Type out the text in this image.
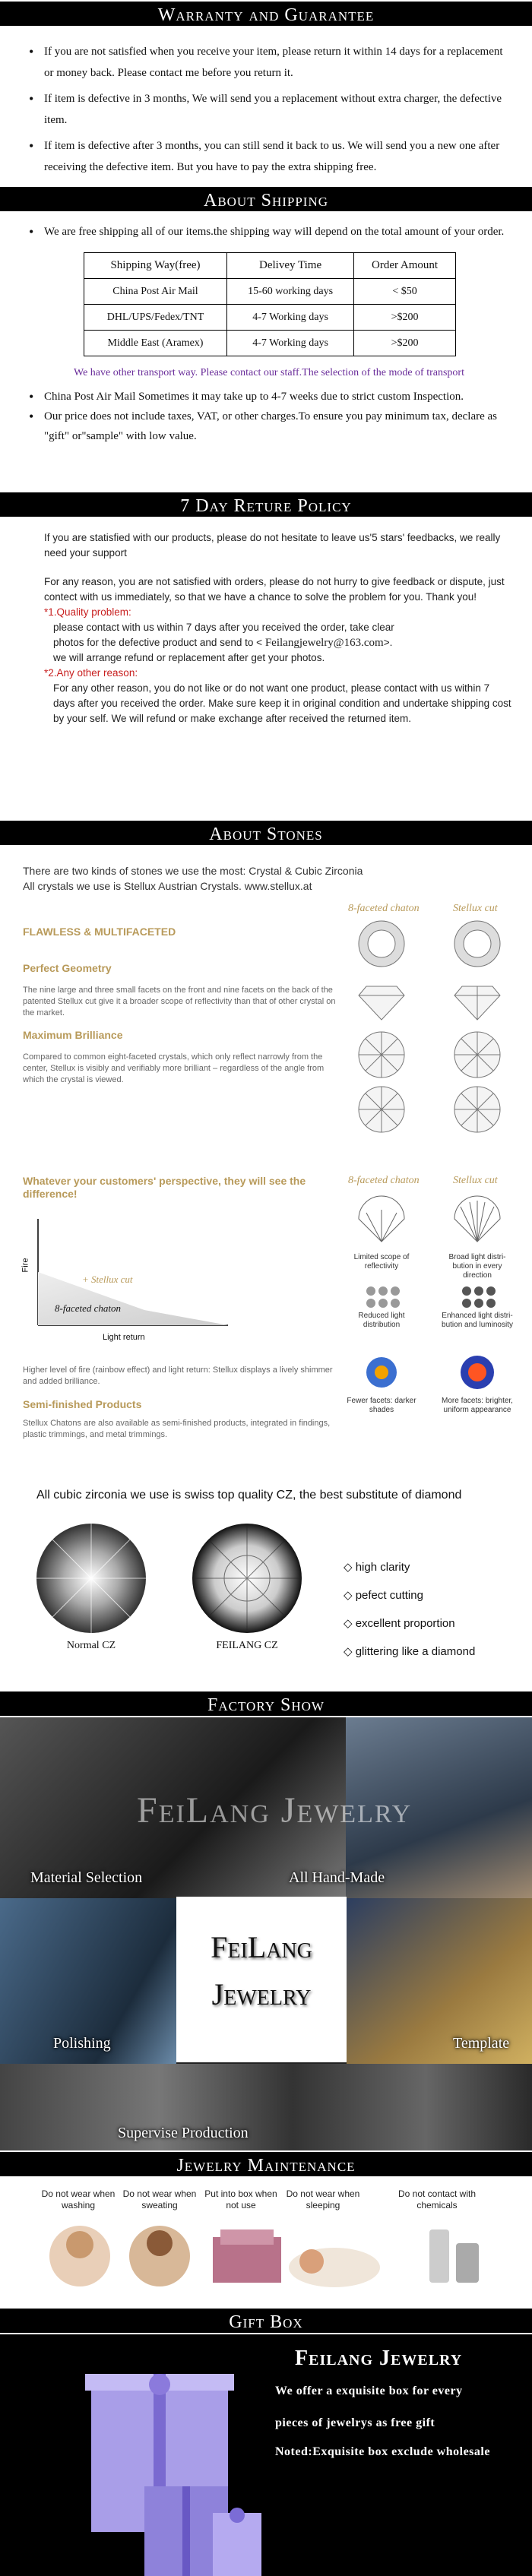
Warranty and Guarantee
• If you are not satisfied when you receive your item, please return it within 14 days for a replacement or money back. Please contact me before you return it.
• If item is defective in 3 months, We will send you a replacement without extra charger, the defective item.
• If item is defective after 3 months, you can still send it back to us. We will send you a new one after receiving the defective item. But you have to pay the extra shipping free.
About Shipping
• We are free shipping all of our items.the shipping way will depend on the total amount of your order.
Shipping Way(free)	Delivey Time	Order Amount
China Post Air Mail	15-60 working days	< $50
DHL/UPS/Fedex/TNT	4-7 Working days	>$200
Middle East (Aramex)	4-7 Working days	>$200

We have other transport way. Please contact our staff.The selection of the mode of transport

• China Post Air Mail Sometimes it may take up to 4-7 weeks due to strict custom Inspection.
• Our price does not include taxes, VAT, or other charges.To ensure you pay minimum tax, declare as "gift" or"sample" with low value.
7 Day Reture Policy

If you are statisfied with our products, please do not hesitate to leave us'5 stars' feedbacks, we really need your support

For any reason, you are not satisfied with orders, please do not hurry to give feedback or dispute, just contect with us immediately, so that we have a chance to solve the problem for you. Thank you!

*1.Quality problem:

please contact with us within 7 days after you received the order, take clear

photos for the defective product and send to < Feilangjewelry@163.com>.

we will arrange refund or replacement after get your photos.

*2.Any other reason:

For any other reason, you do not like or do not want one product, please contact with us within 7 days after you received the order. Make sure keep it in original condition and undertake shipping cost by your self. We will refund or make exchange after received the returned item.

About Stones
There are two kinds of stones we use the most: Crystal & Cubic Zirconia
All crystals we use is Stellux Austrian Crystals. www.stellux.at
8-faceted chaton	Stellux cut
FLAWLESS & MULTIFACETED
Perfect Geometry
The nine large and three small facets on the front and nine facets on the back of the patented Stellux cut give it a broader scope of reflectivity than that of other crystal on the market.
Maximum Brilliance
Compared to common eight-faceted crystals, which only reflect narrowly from the center, Stellux is visibly and verifiably more brilliant – regardless of the angle from which the crystal is viewed.
Whatever your customers' perspective, they will see the difference!
8-faceted chaton	Stellux cut
Fire
Light return
+ Stellux cut
8-faceted chaton
Limited scope of reflectivity
Broad light distri-bution in every direction
Reduced light distribution
Enhanced light distri-bution and luminosity
Fewer facets: darker shades
More facets: brighter, uniform appearance
Higher level of fire (rainbow effect) and light return: Stellux displays a lively shimmer and added brilliance.
Semi-finished Products
Stellux Chatons are also available as semi-finished products, integrated in findings, plastic trimmings, and metal trimmings.
All cubic zirconia we use is swiss top quality CZ, the best substitute of diamond
Normal CZ	FEILANG CZ
◇ high clarity
◇ pefect cutting
◇ excellent proportion
◇ glittering like a diamond
Factory Show
Material Selection	All Hand-Made
FeiLang Jewelry
Polishing
FeiLang
Jewelry
Template
Supervise Production
Jewelry Maintenance
Do not wear when washing
Do not wear when sweating
Put into box when not use
Do not wear when sleeping
Do not contact with chemicals
Gift Box
Feilang Jewelry
We offer a exquisite box for every
pieces of jewelrys as free gift
Noted:Exquisite box exclude wholesale
